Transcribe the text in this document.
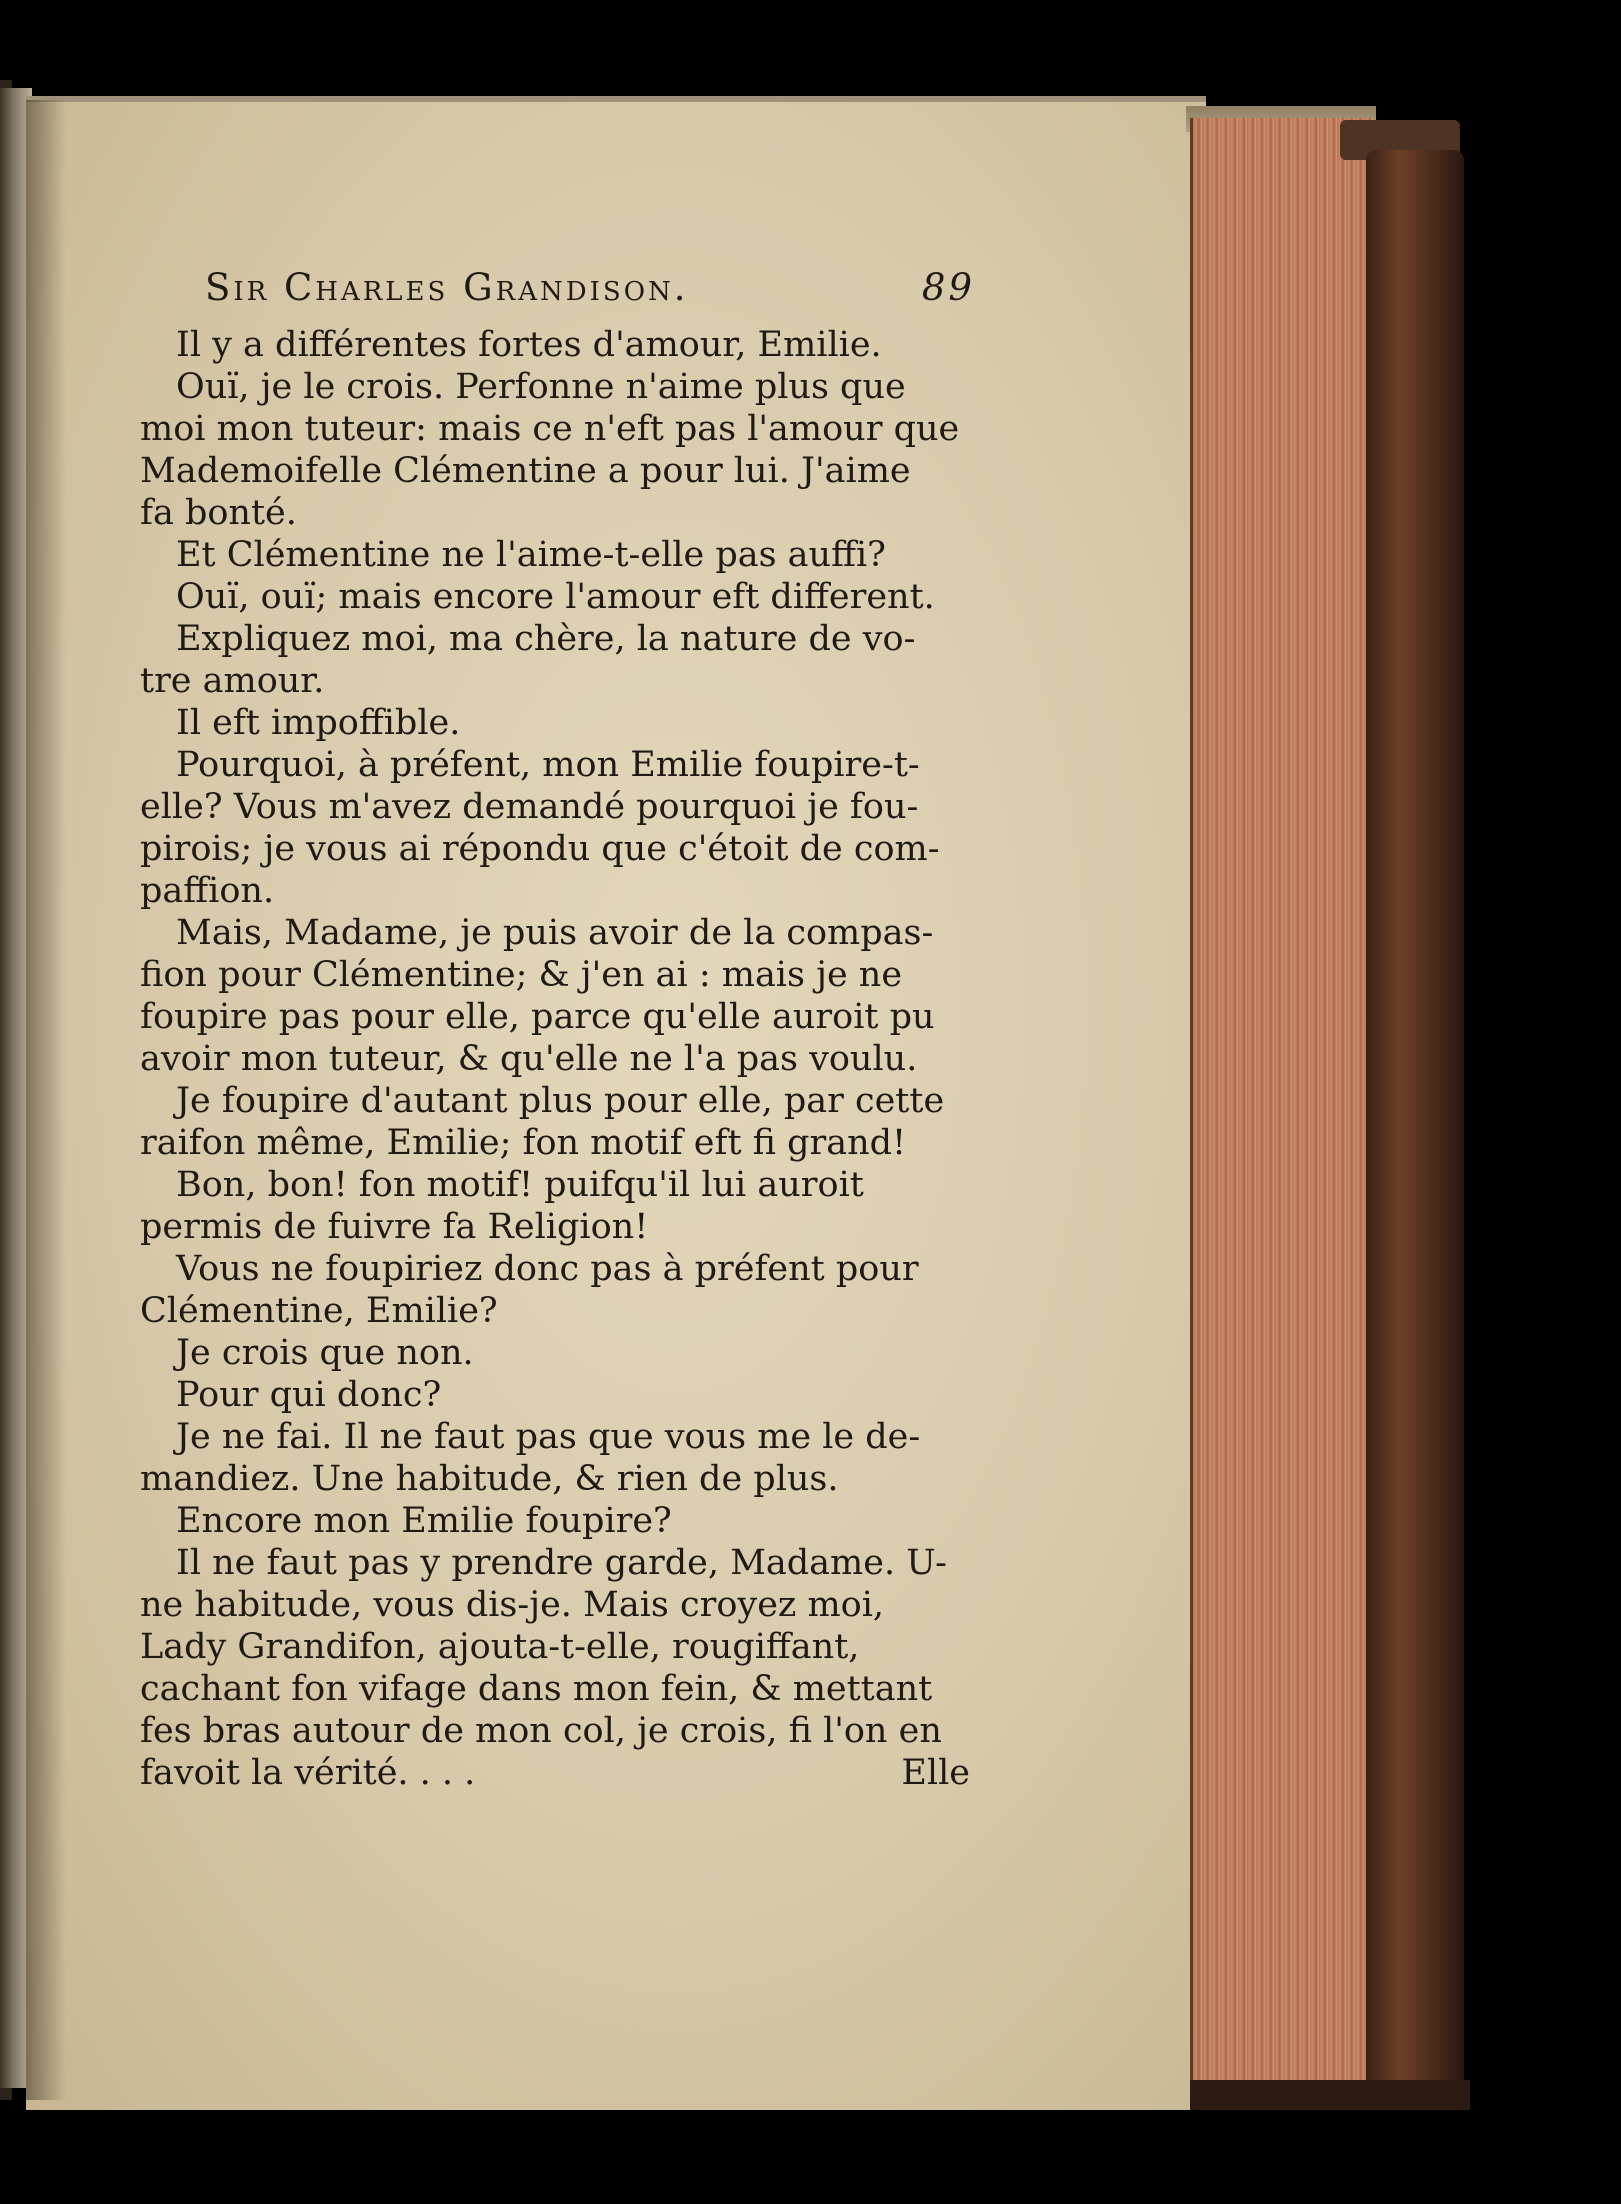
Sir Charles Grandison.	89
Il y a différentes fortes d'amour, Emilie.
Ouï, je le crois. Perfonne n'aime plus que
moi mon tuteur: mais ce n'eft pas l'amour que
Mademoifelle Clémentine a pour lui. J'aime
fa bonté.
Et Clémentine ne l'aime-t-elle pas auffi?
Ouï, ouï; mais encore l'amour eft different.
Expliquez moi, ma chère, la nature de vo-
tre amour.
Il eft impoffible.
Pourquoi, à préfent, mon Emilie foupire-t-
elle? Vous m'avez demandé pourquoi je fou-
pirois; je vous ai répondu que c'étoit de com-
paffion.
Mais, Madame, je puis avoir de la compas-
fion pour Clémentine; & j'en ai : mais je ne
foupire pas pour elle, parce qu'elle auroit pu
avoir mon tuteur, & qu'elle ne l'a pas voulu.
Je foupire d'autant plus pour elle, par cette
raifon même, Emilie; fon motif eft fi grand!
Bon, bon! fon motif! puifqu'il lui auroit
permis de fuivre fa Religion!
Vous ne foupiriez donc pas à préfent pour
Clémentine, Emilie?
Je crois que non.
Pour qui donc?
Je ne fai. Il ne faut pas que vous me le de-
mandiez. Une habitude, & rien de plus.
Encore mon Emilie foupire?
Il ne faut pas y prendre garde, Madame. U-
ne habitude, vous dis-je. Mais croyez moi,
Lady Grandifon, ajouta-t-elle, rougiffant,
cachant fon vifage dans mon fein, & mettant
fes bras autour de mon col, je crois, fi l'on en
favoit la vérité. . . .	Elle
